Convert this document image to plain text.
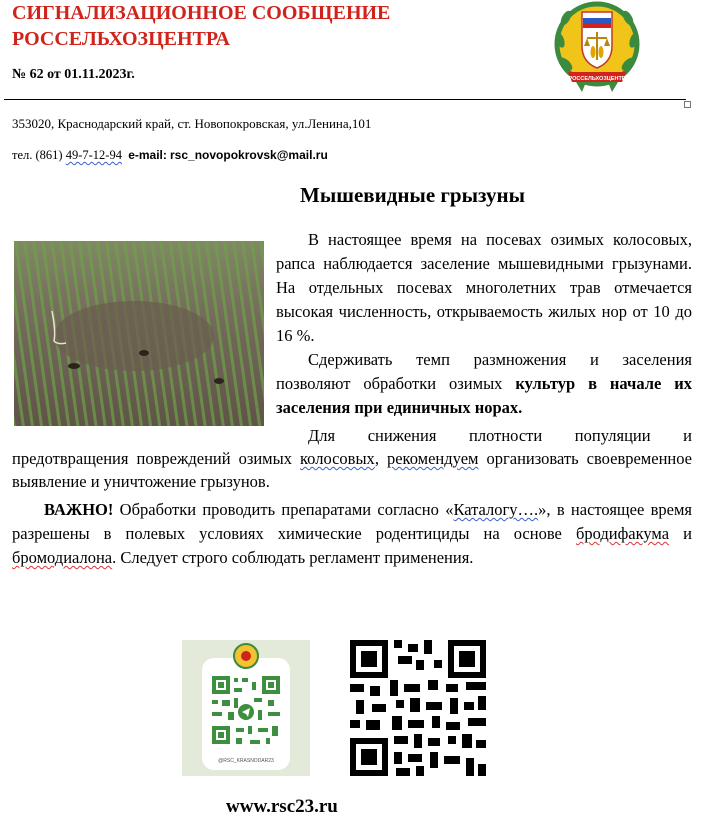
СИГНАЛИЗАЦИОННОЕ СООБЩЕНИЕ
РОССЕЛЬХОЗЦЕНТРА
№ 62 от 01.11.2023г.	РОССЕЛЬХОЗЦЕНТР
353020, Краснодарский край, ст. Новопокровская, ул.Ленина,101
тел. (861) 49-7-12-94 e-mail: rsc_novopokrovsk@mail.ru
Мышевидные грызуны
В настоящее время на посевах озимых колосовых, рапса наблюдается заселение мышевидными грызунами. На отдельных посевах многолетних трав отмечается высокая численность, открываемость жилых нор от 10 до 16 %.
Сдерживать темп размножения и заселения позволяют обработки озимых культур в начале их заселения при единичных норах.
Для снижения плотности популяции и предотвращения повреждений озимых колосовых, рекомендуем организовать своевременное выявление и уничтожение грызунов.
ВАЖНО! Обработки проводить препаратами согласно «Каталогу….», в настоящее время разрешены в полевых условиях химические родентициды на основе бродифакума и бромодиалона. Следует строго соблюдать регламент применения.
@RSC_KRASNODAR23
www.rsc23.ru
